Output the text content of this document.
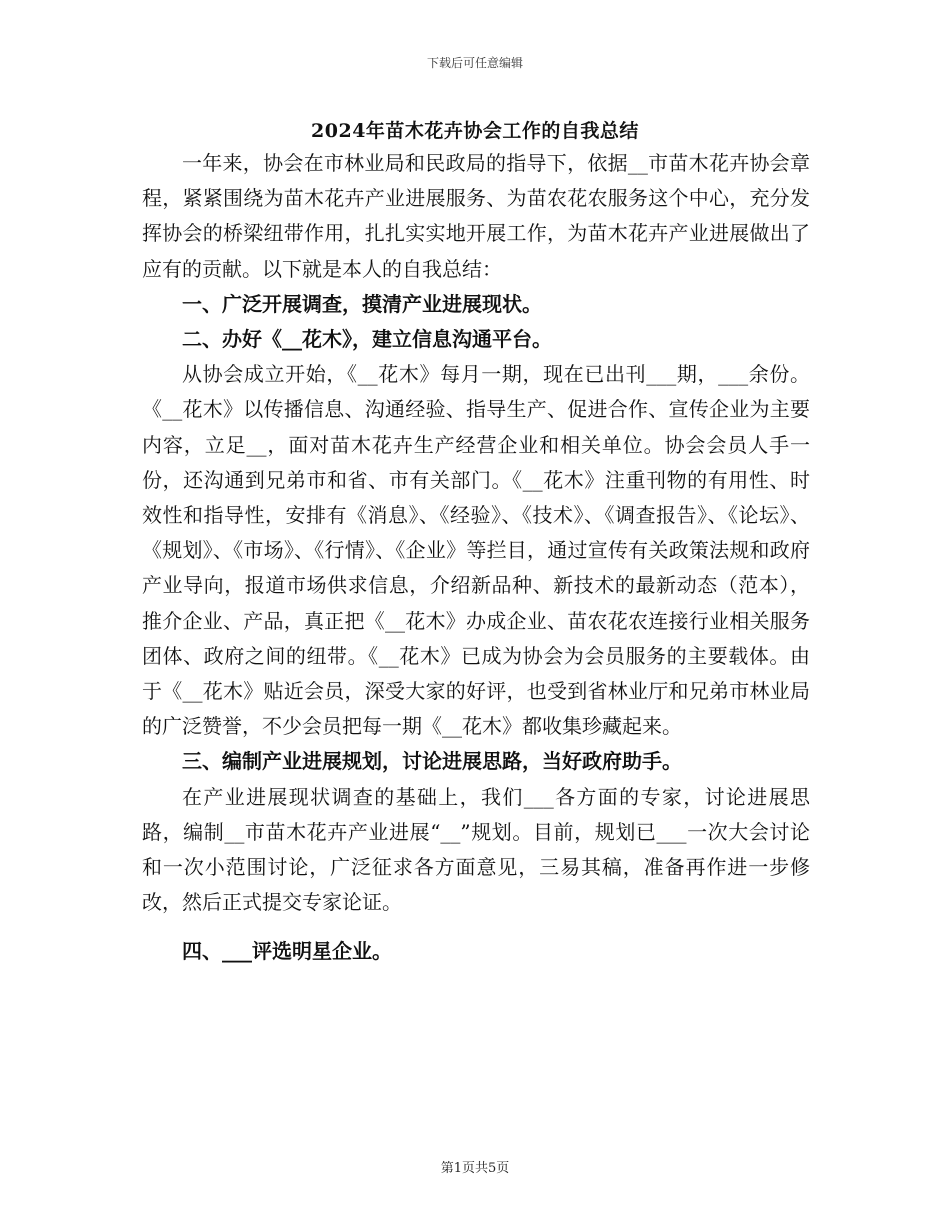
下载后可任意编辑
2024年苗木花卉协会工作的自我总结

一年来，协会在市林业局和民政局的指导下，依据__市苗木花卉协会章程，紧紧围绕为苗木花卉产业进展服务、为苗农花农服务这个中心，充分发挥协会的桥梁纽带作用，扎扎实实地开展工作，为苗木花卉产业进展做出了应有的贡献。以下就是本人的自我总结：

一、广泛开展调查，摸清产业进展现状。
二、办好《__花木》，建立信息沟通平台。

从协会成立开始，《__花木》每月一期，现在已出刊___期，___余份。《__花木》以传播信息、沟通经验、指导生产、促进合作、宣传企业为主要内容，立足__，面对苗木花卉生产经营企业和相关单位。协会会员人手一份，还沟通到兄弟市和省、市有关部门。《__花木》注重刊物的有用性、时效性和指导性，安排有《消息》、《经验》、《技术》、《调查报告》、《论坛》、《规划》、《市场》、《行情》、《企业》等拦目，通过宣传有关政策法规和政府产业导向，报道市场供求信息，介绍新品种、新技术的最新动态（范本），推介企业、产品，真正把《__花木》办成企业、苗农花农连接行业相关服务团体、政府之间的纽带。《__花木》已成为协会为会员服务的主要载体。由于《__花木》贴近会员，深受大家的好评，也受到省林业厅和兄弟市林业局的广泛赞誉，不少会员把每一期《__花木》都收集珍藏起来。

三、编制产业进展规划，讨论进展思路，当好政府助手。

在产业进展现状调查的基础上，我们___各方面的专家，讨论进展思路，编制__市苗木花卉产业进展“__”规划。目前，规划已___一次大会讨论和一次小范围讨论，广泛征求各方面意见，三易其稿，准备再作进一步修改，然后正式提交专家论证。

四、___评选明星企业。
第1页共5页
